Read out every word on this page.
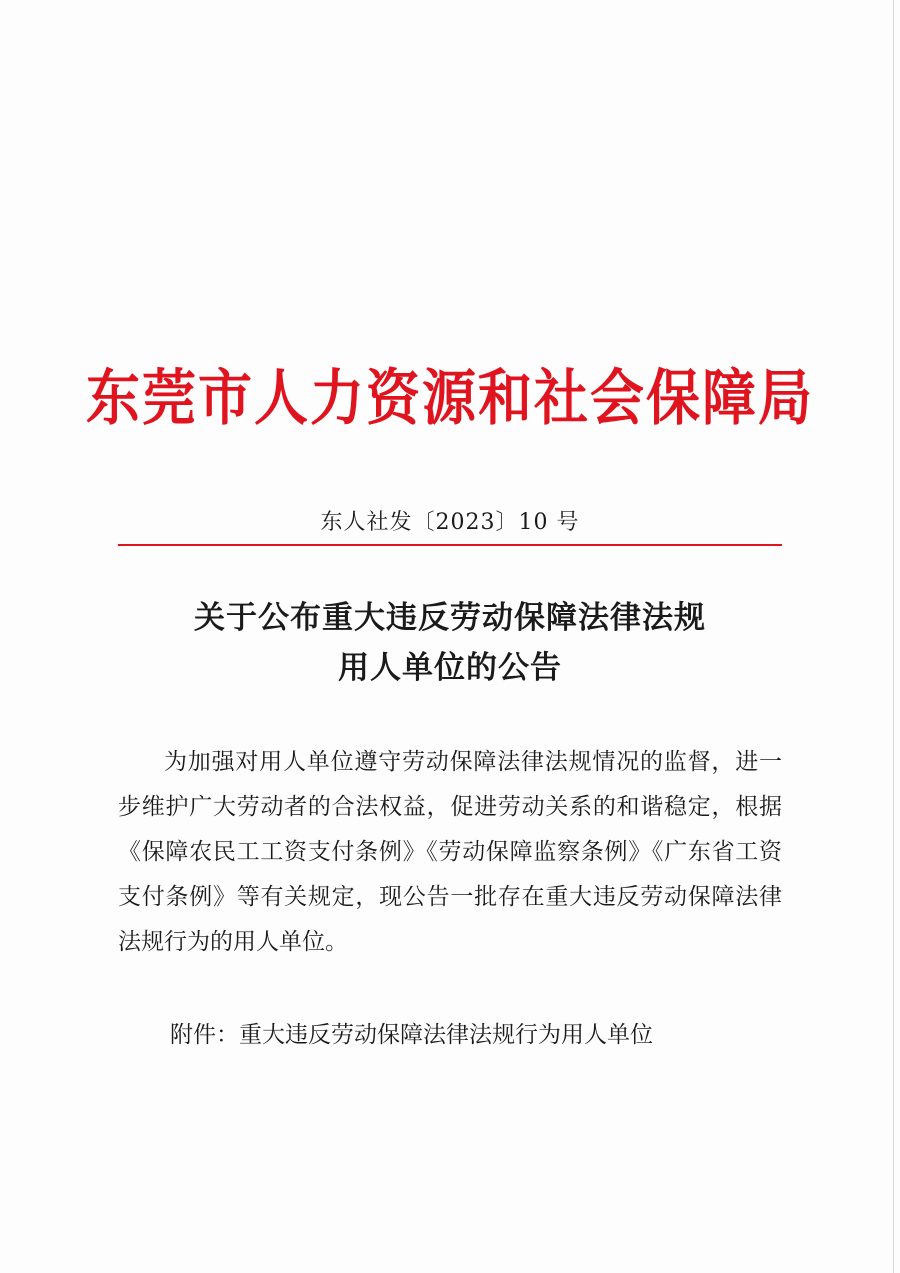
东莞市人力资源和社会保障局
东人社发〔2023〕10 号
关于公布重大违反劳动保障法律法规
用人单位的公告

为加强对用人单位遵守劳动保障法律法规情况的监督，进一步维护广大劳动者的合法权益，促进劳动关系的和谐稳定，根据《保障农民工工资支付条例》《劳动保障监察条例》《广东省工资支付条例》等有关规定，现公告一批存在重大违反劳动保障法律法规行为的用人单位。

附件：重大违反劳动保障法律法规行为用人单位
